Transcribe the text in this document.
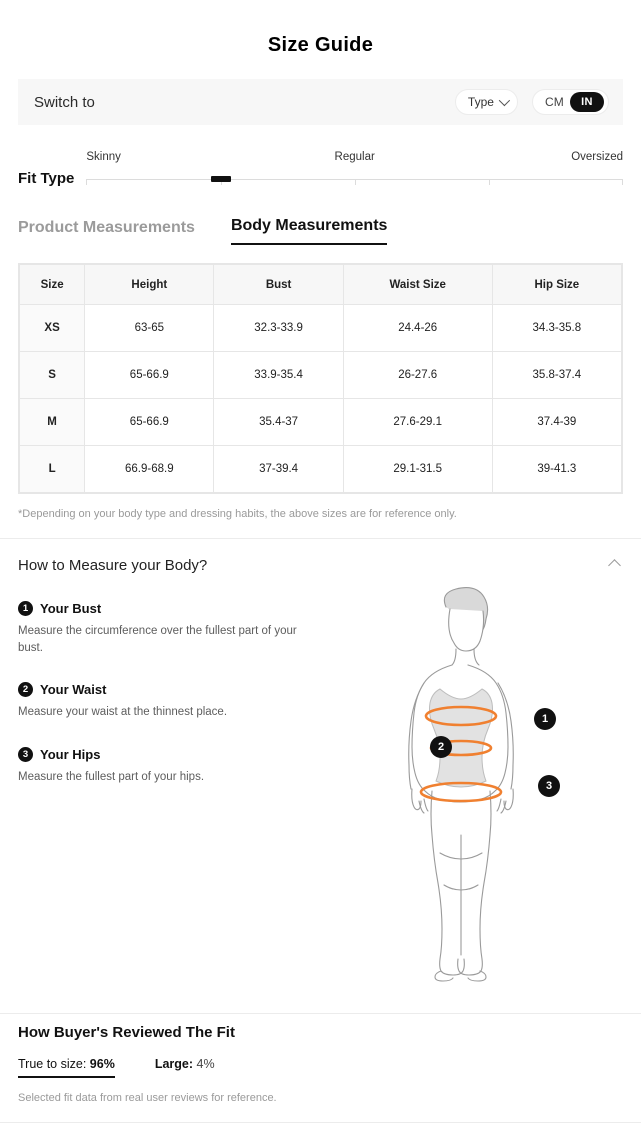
Size Guide
Switch to	Type	CM	IN
Fit Type
Skinny	Regular	Oversized
Product Measurements Body Measurements
Size	Height	Bust	Waist Size	Hip Size
XS	63-65	32.3-33.9	24.4-26	34.3-35.8
S	65-66.9	33.9-35.4	26-27.6	35.8-37.4
M	65-66.9	35.4-37	27.6-29.1	37.4-39
L	66.9-68.9	37-39.4	29.1-31.5	39-41.3
*Depending on your body type and dressing habits, the above sizes are for reference only.
How to Measure your Body?
1 Your Bust
Measure the circumference over the fullest part of your bust.
2 Your Waist
Measure your waist at the thinnest place.
3 Your Hips
Measure the fullest part of your hips.
1
2
3
How Buyer's Reviewed The Fit
True to size: 96%	Large: 4%
Selected fit data from real user reviews for reference.
